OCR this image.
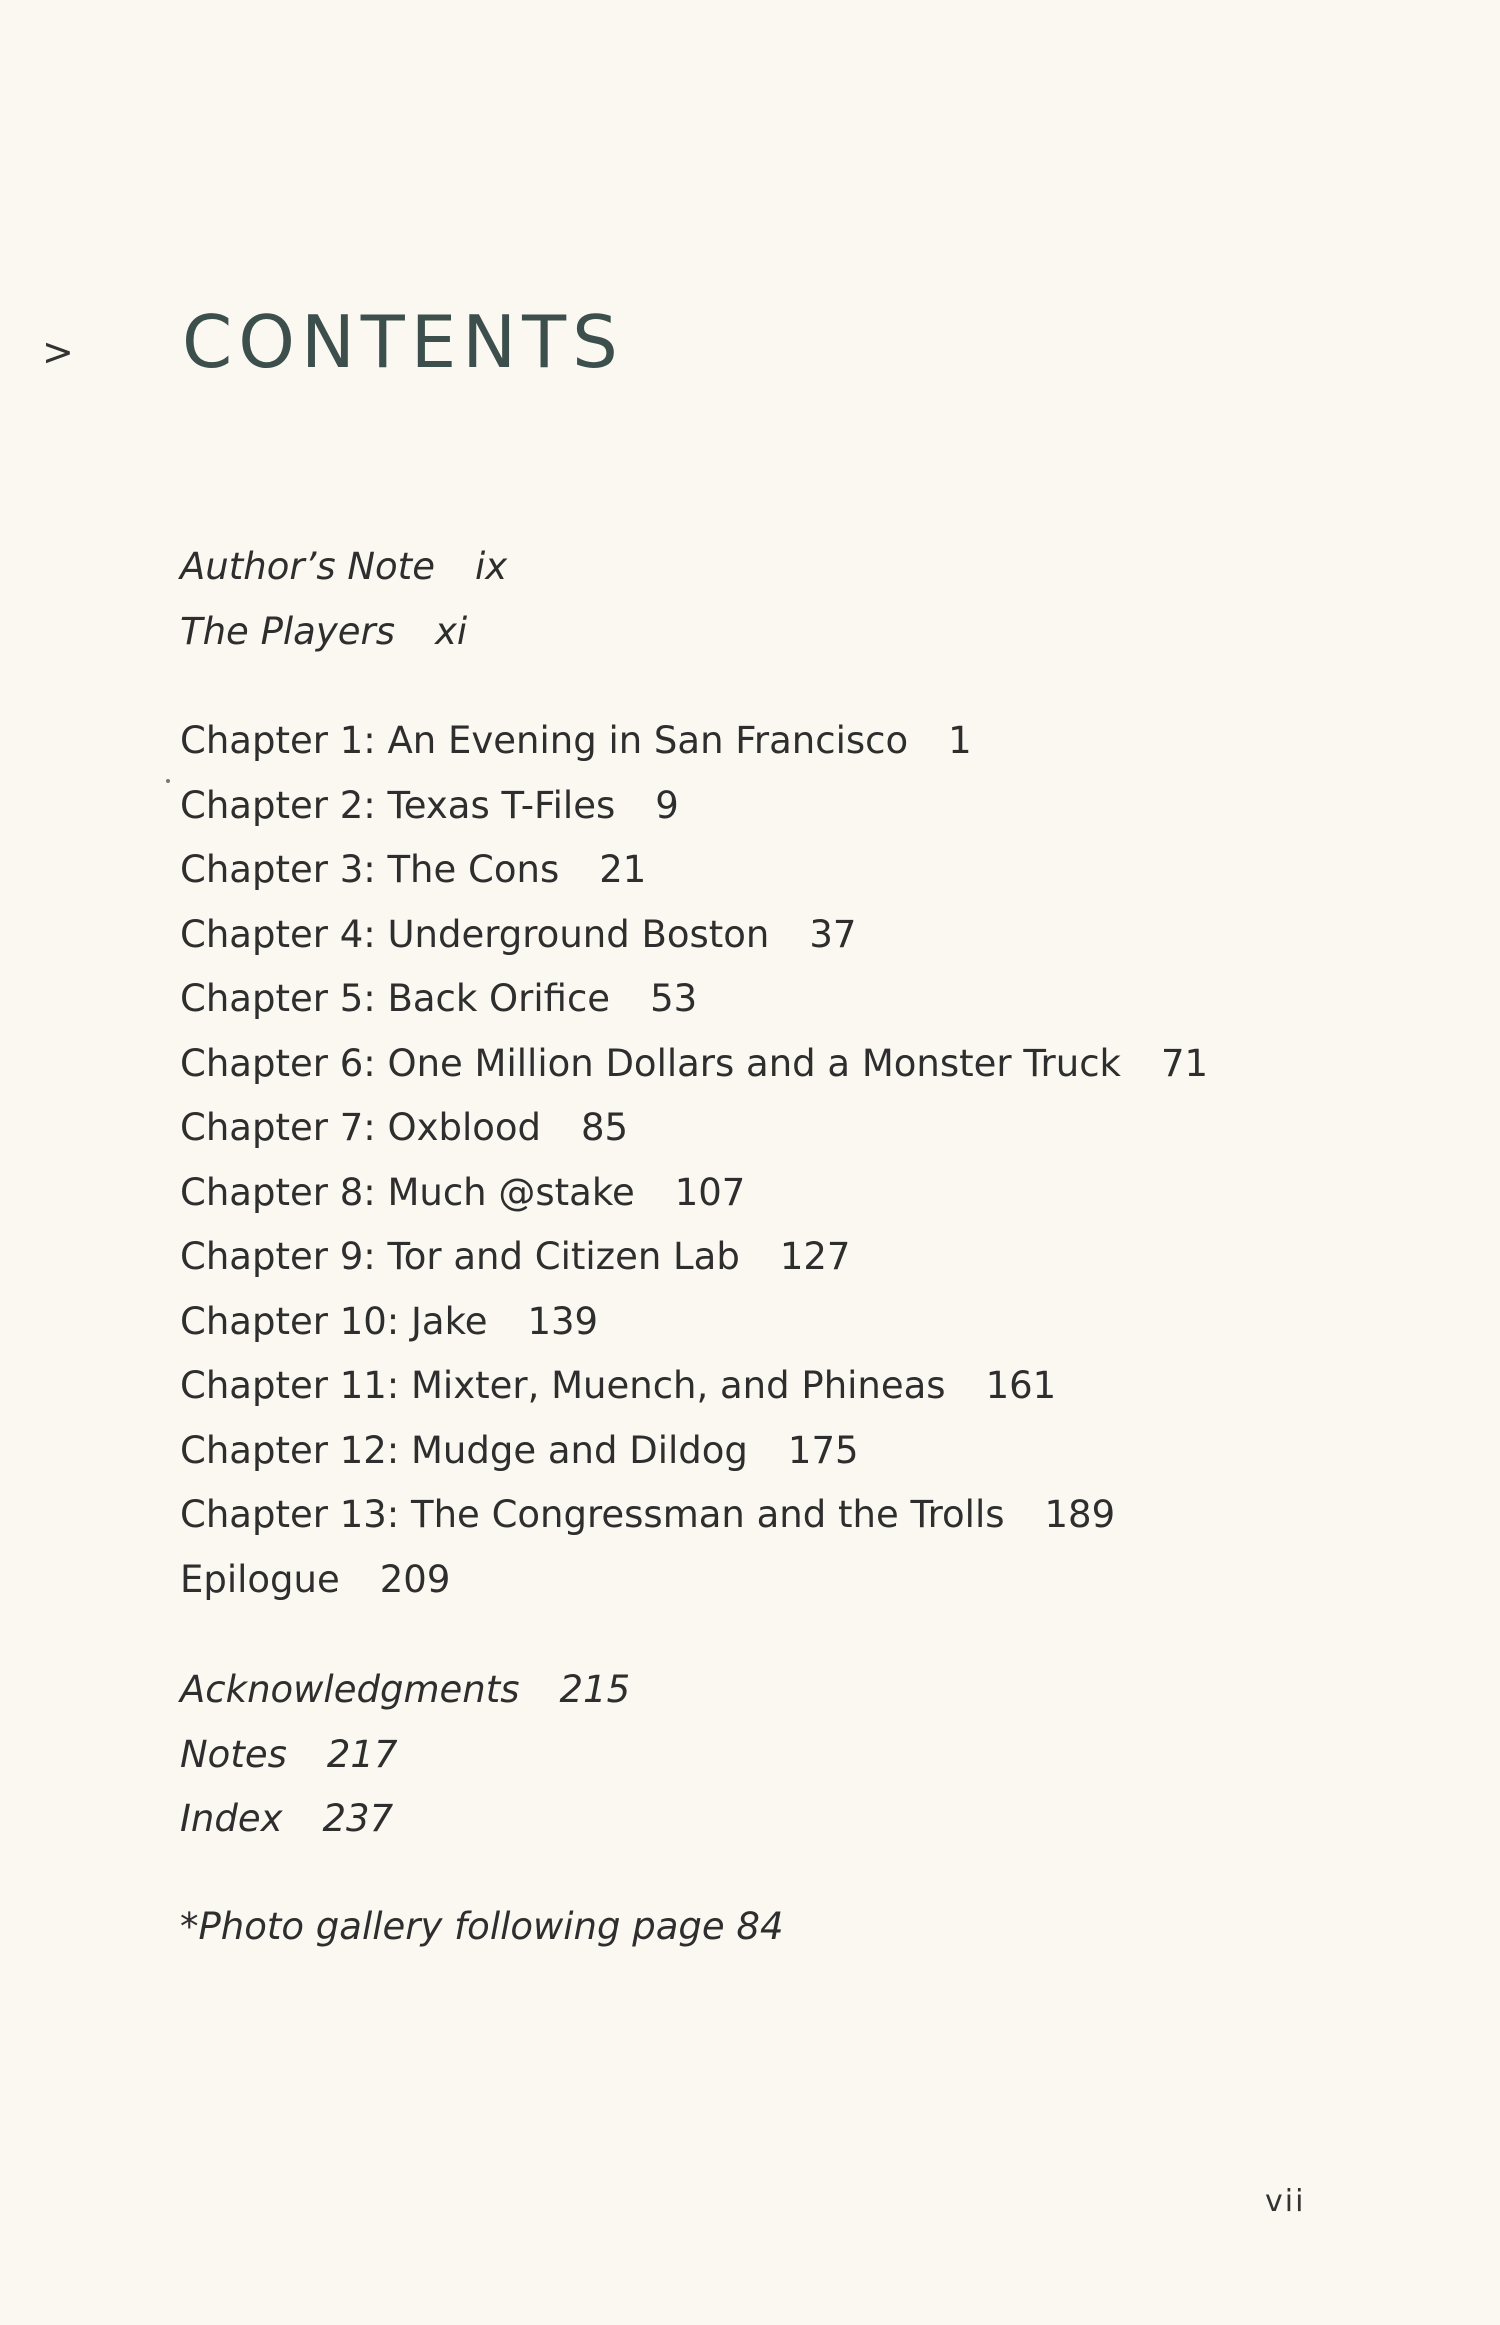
> CONTENTS
Author’s Note ix
The Players xi
Chapter 1: An Evening in San Francisco 1
Chapter 2: Texas T-Files 9
Chapter 3: The Cons 21
Chapter 4: Underground Boston 37
Chapter 5: Back Orifice 53
Chapter 6: One Million Dollars and a Monster Truck 71
Chapter 7: Oxblood 85
Chapter 8: Much @stake 107
Chapter 9: Tor and Citizen Lab 127
Chapter 10: Jake 139
Chapter 11: Mixter, Muench, and Phineas 161
Chapter 12: Mudge and Dildog 175
Chapter 13: The Congressman and the Trolls 189
Epilogue 209
Acknowledgments 215
Notes 217
Index 237
*Photo gallery following page 84
vii
